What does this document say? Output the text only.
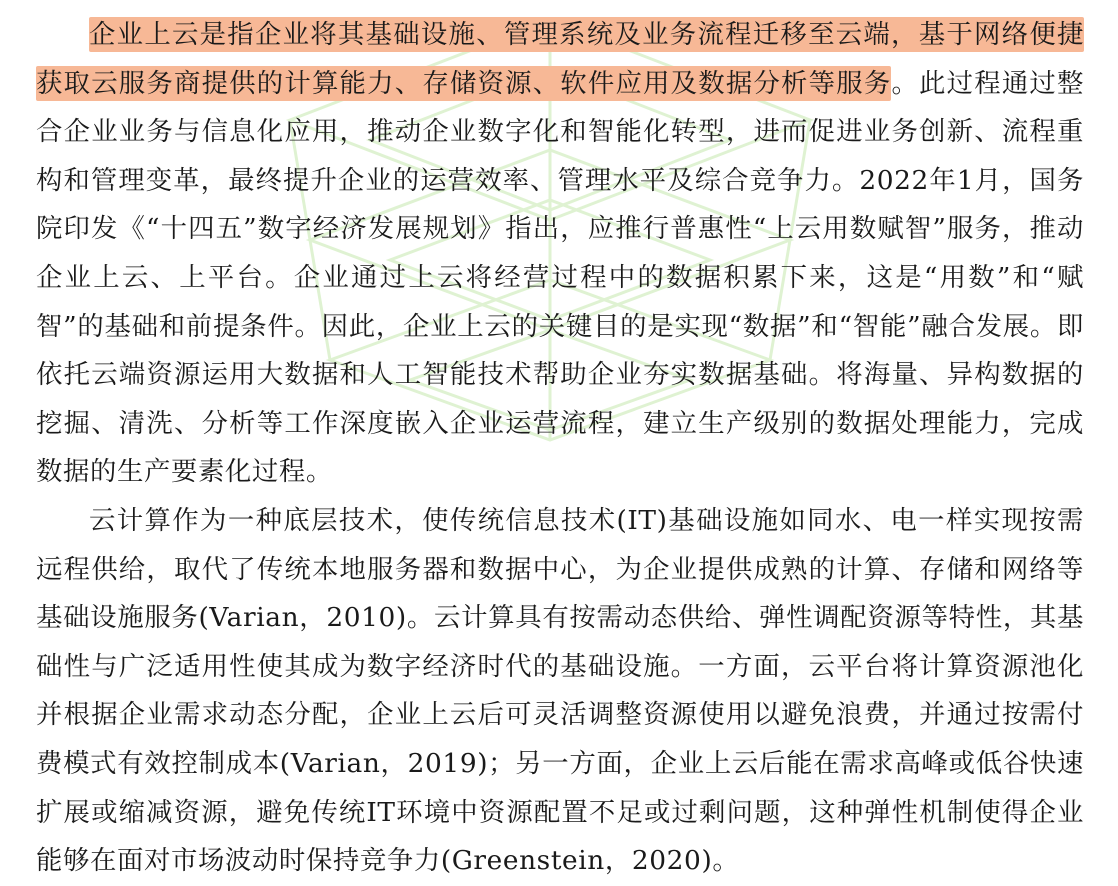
企业上云是指企业将其基础设施、管理系统及业务流程迁移至云端，基于网络便捷获取云服务商提供的计算能力、存储资源、软件应用及数据分析等服务。此过程通过整合企业业务与信息化应用，推动企业数字化和智能化转型，进而促进业务创新、流程重构和管理变革，最终提升企业的运营效率、管理水平及综合竞争力。2022年1月，国务院印发《“十四五”数字经济发展规划》指出，应推行普惠性“上云用数赋智”服务，推动企业上云、上平台。企业通过上云将经营过程中的数据积累下来，这是“用数”和“赋智”的基础和前提条件。因此，企业上云的关键目的是实现“数据”和“智能”融合发展。即依托云端资源运用大数据和人工智能技术帮助企业夯实数据基础。将海量、异构数据的挖掘、清洗、分析等工作深度嵌入企业运营流程，建立生产级别的数据处理能力，完成数据的生产要素化过程。

云计算作为一种底层技术，使传统信息技术(IT)基础设施如同水、电一样实现按需远程供给，取代了传统本地服务器和数据中心，为企业提供成熟的计算、存储和网络等基础设施服务(Varian，2010)。云计算具有按需动态供给、弹性调配资源等特性，其基础性与广泛适用性使其成为数字经济时代的基础设施。一方面，云平台将计算资源池化并根据企业需求动态分配，企业上云后可灵活调整资源使用以避免浪费，并通过按需付费模式有效控制成本(Varian，2019)；另一方面，企业上云后能在需求高峰或低谷快速扩展或缩减资源，避免传统IT环境中资源配置不足或过剩问题，这种弹性机制使得企业能够在面对市场波动时保持竞争力(Greenstein，2020)。
